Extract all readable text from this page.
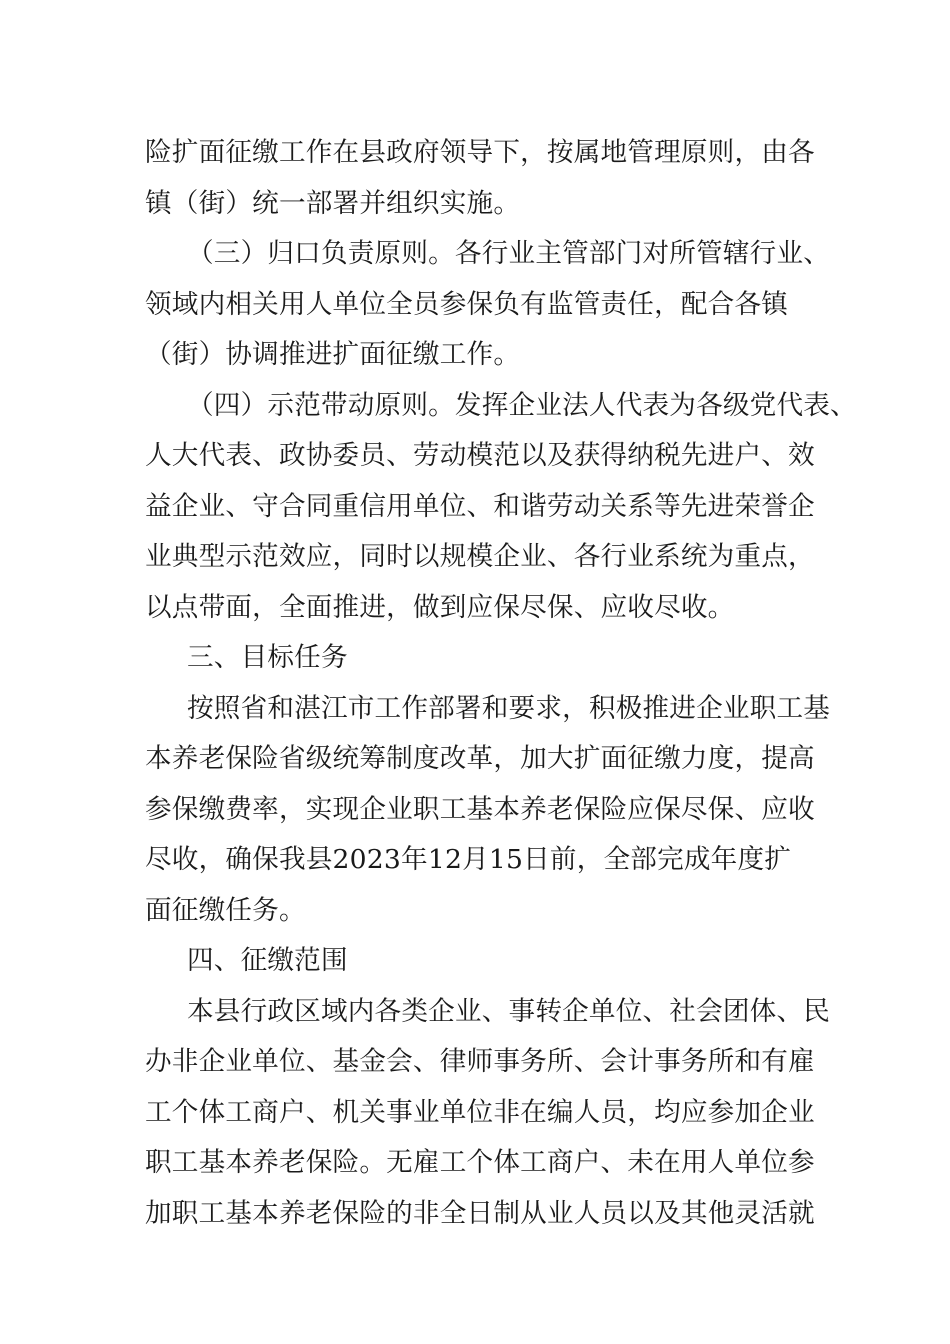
险扩面征缴工作在县政府领导下，按属地管理原则，由各
镇（街）统一部署并组织实施。
（三）归口负责原则。各行业主管部门对所管辖行业、
领域内相关用人单位全员参保负有监管责任，配合各镇
（街）协调推进扩面征缴工作。
（四）示范带动原则。发挥企业法人代表为各级党代表、
人大代表、政协委员、劳动模范以及获得纳税先进户、效
益企业、守合同重信用单位、和谐劳动关系等先进荣誉企
业典型示范效应，同时以规模企业、各行业系统为重点，
以点带面，全面推进，做到应保尽保、应收尽收。
三、目标任务
按照省和湛江市工作部署和要求，积极推进企业职工基
本养老保险省级统筹制度改革，加大扩面征缴力度，提高
参保缴费率，实现企业职工基本养老保险应保尽保、应收
尽收，确保我县2023年12月15日前，全部完成年度扩
面征缴任务。
四、征缴范围
本县行政区域内各类企业、事转企单位、社会团体、民
办非企业单位、基金会、律师事务所、会计事务所和有雇
工个体工商户、机关事业单位非在编人员，均应参加企业
职工基本养老保险。无雇工个体工商户、未在用人单位参
加职工基本养老保险的非全日制从业人员以及其他灵活就
